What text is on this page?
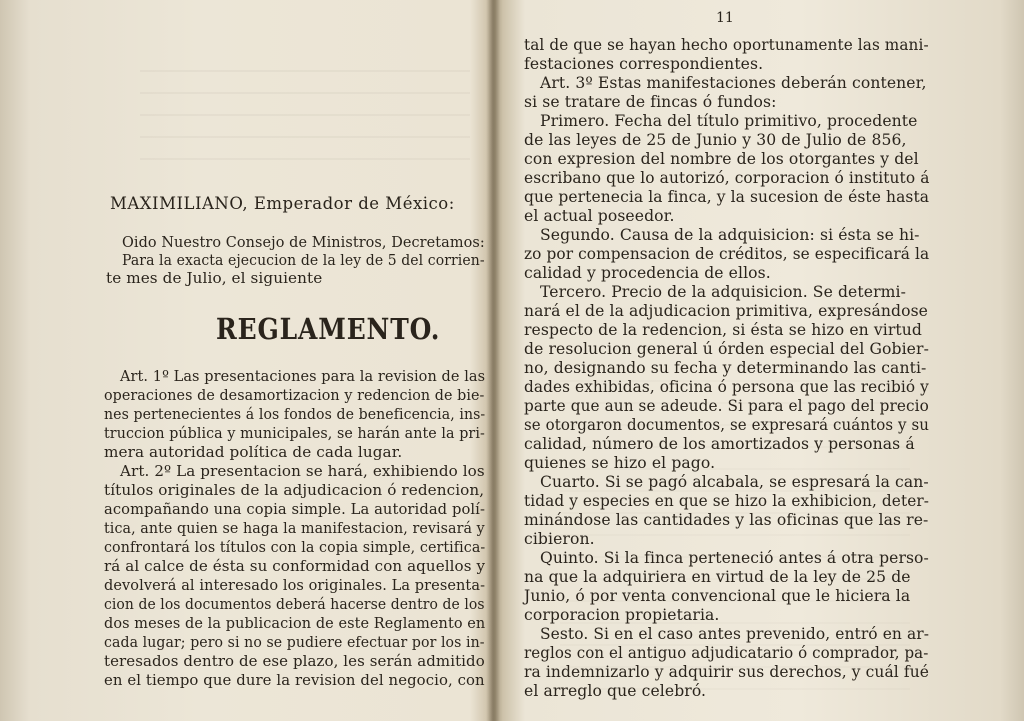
MAXIMILIANO, Emperador de México:
Oido Nuestro Consejo de Ministros, Decretamos:
Para la exacta ejecucion de la ley de 5 del corrien-
te mes de Julio, el siguiente
REGLAMENTO.
Art. 1º Las presentaciones para la revision de las
operaciones de desamortizacion y redencion de bie-
nes pertenecientes á los fondos de beneficencia, ins-
truccion pública y municipales, se harán ante la pri-
mera autoridad política de cada lugar.
Art. 2º La presentacion se hará, exhibiendo los
títulos originales de la adjudicacion ó redencion,
acompañando una copia simple. La autoridad polí-
tica, ante quien se haga la manifestacion, revisará y
confrontará los títulos con la copia simple, certifica-
rá al calce de ésta su conformidad con aquellos y
devolverá al interesado los originales. La presenta-
cion de los documentos deberá hacerse dentro de los
dos meses de la publicacion de este Reglamento en
cada lugar; pero si no se pudiere efectuar por los in-
teresados dentro de ese plazo, les serán admitido
en el tiempo que dure la revision del negocio, con
11
tal de que se hayan hecho oportunamente las mani-
festaciones correspondientes.
Art. 3º Estas manifestaciones deberán contener,
si se tratare de fincas ó fundos:
Primero. Fecha del título primitivo, procedente
de las leyes de 25 de Junio y 30 de Julio de 856,
con expresion del nombre de los otorgantes y del
escribano que lo autorizó, corporacion ó instituto á
que pertenecia la finca, y la sucesion de éste hasta
el actual poseedor.
Segundo. Causa de la adquisicion: si ésta se hi-
zo por compensacion de créditos, se especificará la
calidad y procedencia de ellos.
Tercero. Precio de la adquisicion. Se determi-
nará el de la adjudicacion primitiva, expresándose
respecto de la redencion, si ésta se hizo en virtud
de resolucion general ú órden especial del Gobier-
no, designando su fecha y determinando las canti-
dades exhibidas, oficina ó persona que las recibió y
parte que aun se adeude. Si para el pago del precio
se otorgaron documentos, se expresará cuántos y su
calidad, número de los amortizados y personas á
quienes se hizo el pago.
Cuarto. Si se pagó alcabala, se espresará la can-
tidad y especies en que se hizo la exhibicion, deter-
minándose las cantidades y las oficinas que las re-
cibieron.
Quinto. Si la finca perteneció antes á otra perso-
na que la adquiriera en virtud de la ley de 25 de
Junio, ó por venta convencional que le hiciera la
corporacion propietaria.
Sesto. Si en el caso antes prevenido, entró en ar-
reglos con el antiguo adjudicatario ó comprador, pa-
ra indemnizarlo y adquirir sus derechos, y cuál fué
el arreglo que celebró.
